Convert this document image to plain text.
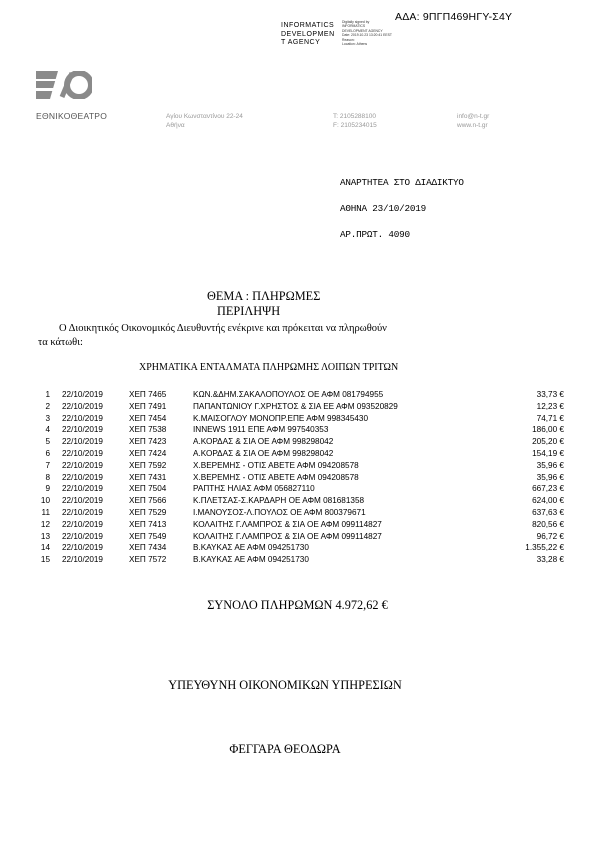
ΑΔΑ: 9ΠΓΠ469ΗΓΥ-Σ4Υ
INFORMATICS
DEVELOPMEN
T AGENCY
Digitally signed by
INFORMATICS
DEVELOPMENT AGENCY
Date: 2019.10.23 13:20:41 EEST
Reason:
Location: Athens
ΕΘΝΙΚΟΘΕΑΤΡΟ	Αγίου Κωνσταντίνου 22-24
Αθήνα
T: 2105288100
F: 2105234015
info@n-t.gr
www.n-t.gr
ΑΝΑΡΤΗΤΕΑ ΣΤΟ ΔΙΑΔΙΚΤΥΟ
ΑΘΗΝΑ 23/10/2019
ΑΡ.ΠΡΩΤ. 4090
ΘΕΜΑ : ΠΛΗΡΩΜΕΣ
ΠΕΡΙΛΗΨΗ
Ο Διοικητικός Οικονομικός Διευθυντής ενέκρινε και πρόκειται να πληρωθούν
τα κάτωθι:
ΧΡΗΜΑΤΙΚΑ ΕΝΤΑΛΜΑΤΑ ΠΛΗΡΩΜΗΣ ΛΟΙΠΩΝ ΤΡΙΤΩΝ
1 22/10/2019	ΧΕΠ 7465	ΚΩΝ.&ΔΗΜ.ΣΑΚΑΛΟΠΟΥΛΟΣ ΟΕ ΑΦΜ 081794955	33,73 €
2 22/10/2019	ΧΕΠ 7491	ΠΑΠΑΝΤΩΝΙΟΥ Γ.ΧΡΗΣΤΟΣ & ΣΙΑ ΕΕ ΑΦΜ 093520829	12,23 €
3 22/10/2019	ΧΕΠ 7454	Κ.ΜΑΙΣΟΓΛΟΥ ΜΟΝΟΠΡ.ΕΠΕ ΑΦΜ 998345430	74,71 €
4 22/10/2019	ΧΕΠ 7538	INNEWS 1911 ΕΠΕ ΑΦΜ 997540353	186,00 €
5 22/10/2019	ΧΕΠ 7423	Α.ΚΟΡΔΑΣ & ΣΙΑ ΟΕ ΑΦΜ 998298042	205,20 €
6 22/10/2019	ΧΕΠ 7424	Α.ΚΟΡΔΑΣ & ΣΙΑ ΟΕ ΑΦΜ 998298042	154,19 €
7 22/10/2019	ΧΕΠ 7592	Χ.ΒΕΡΕΜΗΣ - ΟΤΙΣ ΑΒΕΤΕ ΑΦΜ 094208578	35,96 €
8 22/10/2019	ΧΕΠ 7431	Χ.ΒΕΡΕΜΗΣ - ΟΤΙΣ ΑΒΕΤΕ ΑΦΜ 094208578	35,96 €
9 22/10/2019	ΧΕΠ 7504	ΡΑΠΤΗΣ ΗΛΙΑΣ ΑΦΜ 056827110	667,23 €
10 22/10/2019	ΧΕΠ 7566	Κ.ΠΛΕΤΣΑΣ-Σ.ΚΑΡΔΑΡΗ ΟΕ ΑΦΜ 081681358	624,00 €
11 22/10/2019	ΧΕΠ 7529	Ι.ΜΑΝΟΥΣΟΣ-Λ.ΠΟΥΛΟΣ ΟΕ ΑΦΜ 800379671	637,63 €
12 22/10/2019	ΧΕΠ 7413	ΚΟΛΑΙΤΗΣ Γ.ΛΑΜΠΡΟΣ & ΣΙΑ ΟΕ ΑΦΜ 099114827	820,56 €
13 22/10/2019	ΧΕΠ 7549	ΚΟΛΑΙΤΗΣ Γ.ΛΑΜΠΡΟΣ & ΣΙΑ ΟΕ ΑΦΜ 099114827	96,72 €
14 22/10/2019	ΧΕΠ 7434	Β.ΚΑΥΚΑΣ ΑΕ ΑΦΜ 094251730	1.355,22 €
15 22/10/2019	ΧΕΠ 7572	Β.ΚΑΥΚΑΣ ΑΕ ΑΦΜ 094251730	33,28 €
ΣΥΝΟΛΟ ΠΛΗΡΩΜΩΝ 4.972,62 €
ΥΠΕΥΘΥΝΗ ΟΙΚΟΝΟΜΙΚΩΝ ΥΠΗΡΕΣΙΩΝ
ΦΕΓΓΑΡΑ ΘΕΟΔΩΡΑ
